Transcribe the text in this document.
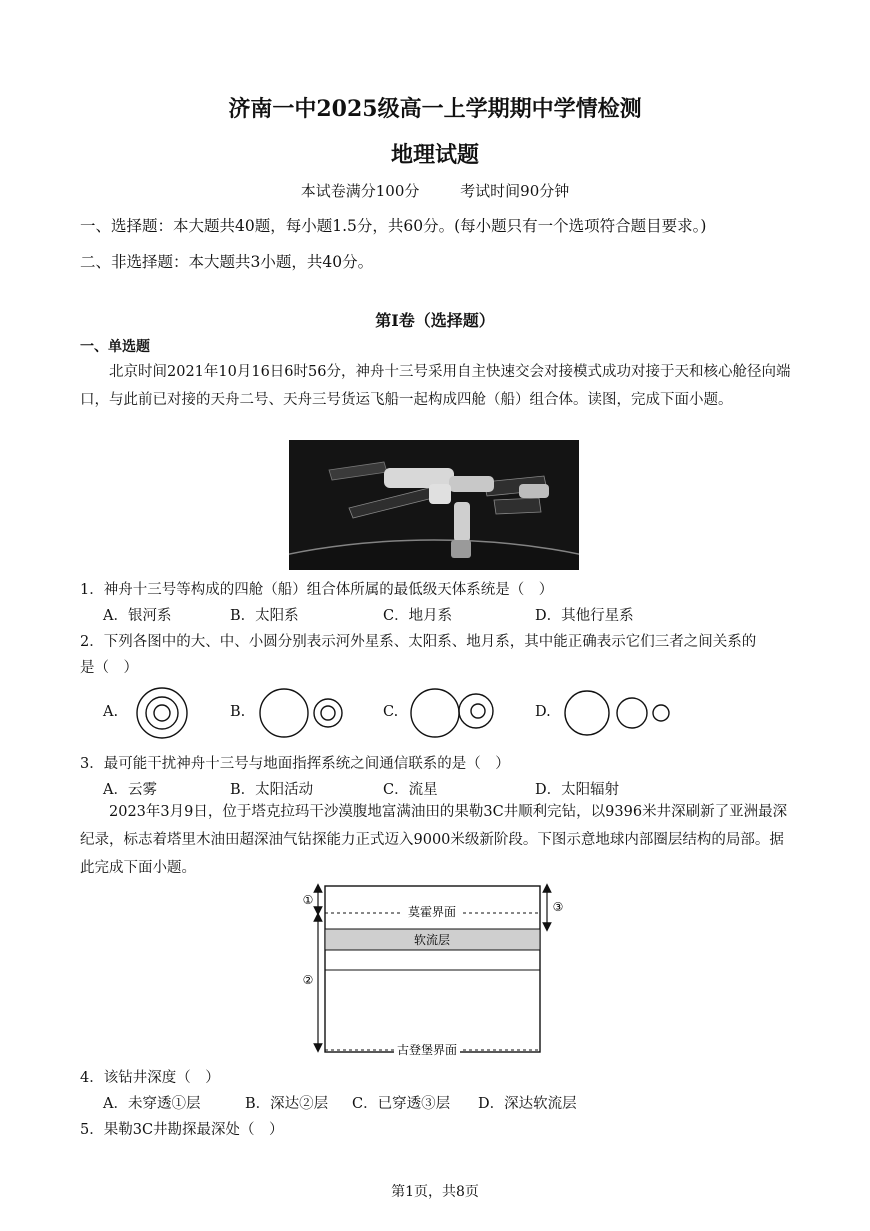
济南一中2025级高一上学期期中学情检测
地理试题
本试卷满分100分	考试时间90分钟
一、选择题：本大题共40题，每小题1.5分，共60分。(每小题只有一个选项符合题目要求。)
二、非选择题：本大题共3小题，共40分。
第Ⅰ卷（选择题）
一、单选题
北京时间2021年10月16日6时56分，神舟十三号采用自主快速交会对接模式成功对接于天和核心舱径向端口，与此前已对接的天舟二号、天舟三号货运飞船一起构成四舱（船）组合体。读图，完成下面小题。
1．神舟十三号等构成的四舱（船）组合体所属的最低级天体系统是（　）
A．银河系	B．太阳系	C．地月系	D．其他行星系
2．下列各图中的大、中、小圆分别表示河外星系、太阳系、地月系，其中能正确表示它们三者之间关系的
是（　）
A.	B.	C.	D.
3．最可能干扰神舟十三号与地面指挥系统之间通信联系的是（　）
A．云雾	B．太阳活动	C．流星	D．太阳辐射
2023年3月9日，位于塔克拉玛干沙漠腹地富满油田的果勒3C井顺利完钻，以9396米井深刷新了亚洲最深纪录，标志着塔里木油田超深油气钻探能力正式迈入9000米级新阶段。下图示意地球内部圈层结构的局部。据此完成下面小题。
莫霍界面
软流层
古登堡界面
①
②
③
4．该钻井深度（　）
A．未穿透①层	B．深达②层 C．已穿透③层 D．深达软流层
5．果勒3C井勘探最深处（　）
第1页，共8页
